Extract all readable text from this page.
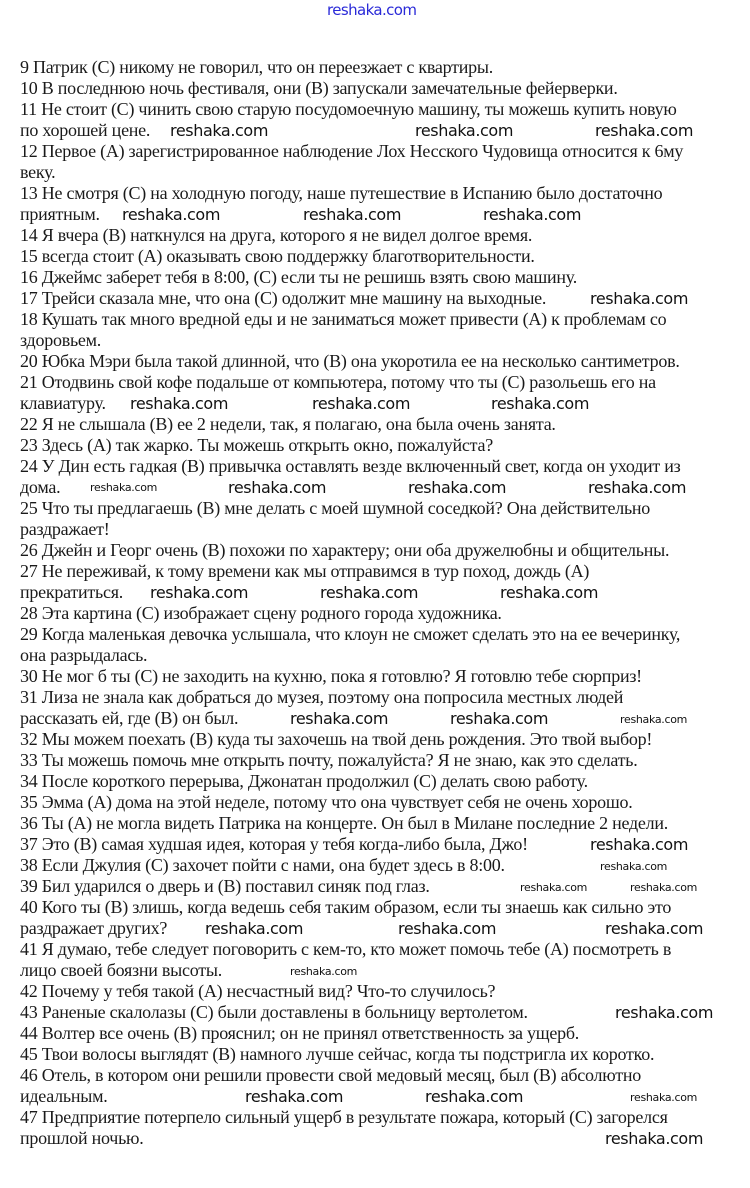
reshaka.com
9 Патрик (С) никому не говорил, что он переезжает с квартиры.
10 В последнюю ночь фестиваля, они (В) запускали замечательные фейерверки.
11 Не стоит (С) чинить свою старую посудомоечную машину, ты можешь купить новую
по хорошей цене.
12 Первое (А) зарегистрированное наблюдение Лох Несского Чудовища относится к 6му
веку.
13 Не смотря (С) на холодную погоду, наше путешествие в Испанию было достаточно
приятным.
14 Я вчера (В) наткнулся на друга, которого я не видел долгое время.
15 всегда стоит (А) оказывать свою поддержку благотворительности.
16 Джеймс заберет тебя в 8:00, (С) если ты не решишь взять свою машину.
17 Трейси сказала мне, что она (С) одолжит мне машину на выходные.
18 Кушать так много вредной еды и не заниматься может привести (А) к проблемам со
здоровьем.
20 Юбка Мэри была такой длинной, что (В) она укоротила ее на несколько сантиметров.
21 Отодвинь свой кофе подальше от компьютера, потому что ты (С) разольешь его на
клавиатуру.
22 Я не слышала (В) ее 2 недели, так, я полагаю, она была очень занята.
23 Здесь (А) так жарко. Ты можешь открыть окно, пожалуйста?
24 У Дин есть гадкая (В) привычка оставлять везде включенный свет, когда он уходит из
дома.
25 Что ты предлагаешь (В) мне делать с моей шумной соседкой? Она действительно
раздражает!
26 Джейн и Георг очень (В) похожи по характеру; они оба дружелюбны и общительны.
27 Не переживай, к тому времени как мы отправимся в тур поход, дождь (А)
прекратиться.
28 Эта картина (С) изображает сцену родного города художника.
29 Когда маленькая девочка услышала, что клоун не сможет сделать это на ее вечеринку,
она разрыдалась.
30 Не мог б ты (С) не заходить на кухню, пока я готовлю? Я готовлю тебе сюрприз!
31 Лиза не знала как добраться до музея, поэтому она попросила местных людей
рассказать ей, где (В) он был.
32 Мы можем поехать (В) куда ты захочешь на твой день рождения. Это твой выбор!
33 Ты можешь помочь мне открыть почту, пожалуйста? Я не знаю, как это сделать.
34 После короткого перерыва, Джонатан продолжил (С) делать свою работу.
35 Эмма (А) дома на этой неделе, потому что она чувствует себя не очень хорошо.
36 Ты (А) не могла видеть Патрика на концерте. Он был в Милане последние 2 недели.
37 Это (В) самая худшая идея, которая у тебя когда-либо была, Джо!
38 Если Джулия (С) захочет пойти с нами, она будет здесь в 8:00.
39 Бил ударился о дверь и (В) поставил синяк под глаз.
40 Кого ты (В) злишь, когда ведешь себя таким образом, если ты знаешь как сильно это
раздражает других?
41 Я думаю, тебе следует поговорить с кем-то, кто может помочь тебе (А) посмотреть в
лицо своей боязни высоты.
42 Почему у тебя такой (А) несчастный вид? Что-то случилось?
43 Раненые скалолазы (С) были доставлены в больницу вертолетом.
44 Волтер все очень (В) прояснил; он не принял ответственность за ущерб.
45 Твои волосы выглядят (В) намного лучше сейчас, когда ты подстригла их коротко.
46 Отель, в котором они решили провести свой медовый месяц, был (В) абсолютно
идеальным.
47 Предприятие потерпело сильный ущерб в результате пожара, который (С) загорелся
прошлой ночью.
reshaka.com	reshaka.com	reshaka.com
reshaka.com	reshaka.com	reshaka.com
reshaka.com
reshaka.com	reshaka.com	reshaka.com
reshaka.com	reshaka.com	reshaka.com	reshaka.com
reshaka.com	reshaka.com	reshaka.com
reshaka.com	reshaka.com	reshaka.com
reshaka.com	reshaka.com
reshaka.com
reshaka.com
reshaka.com	reshaka.com	reshaka.com
reshaka.com
reshaka.com
reshaka.com
reshaka.com	reshaka.com
reshaka.com
